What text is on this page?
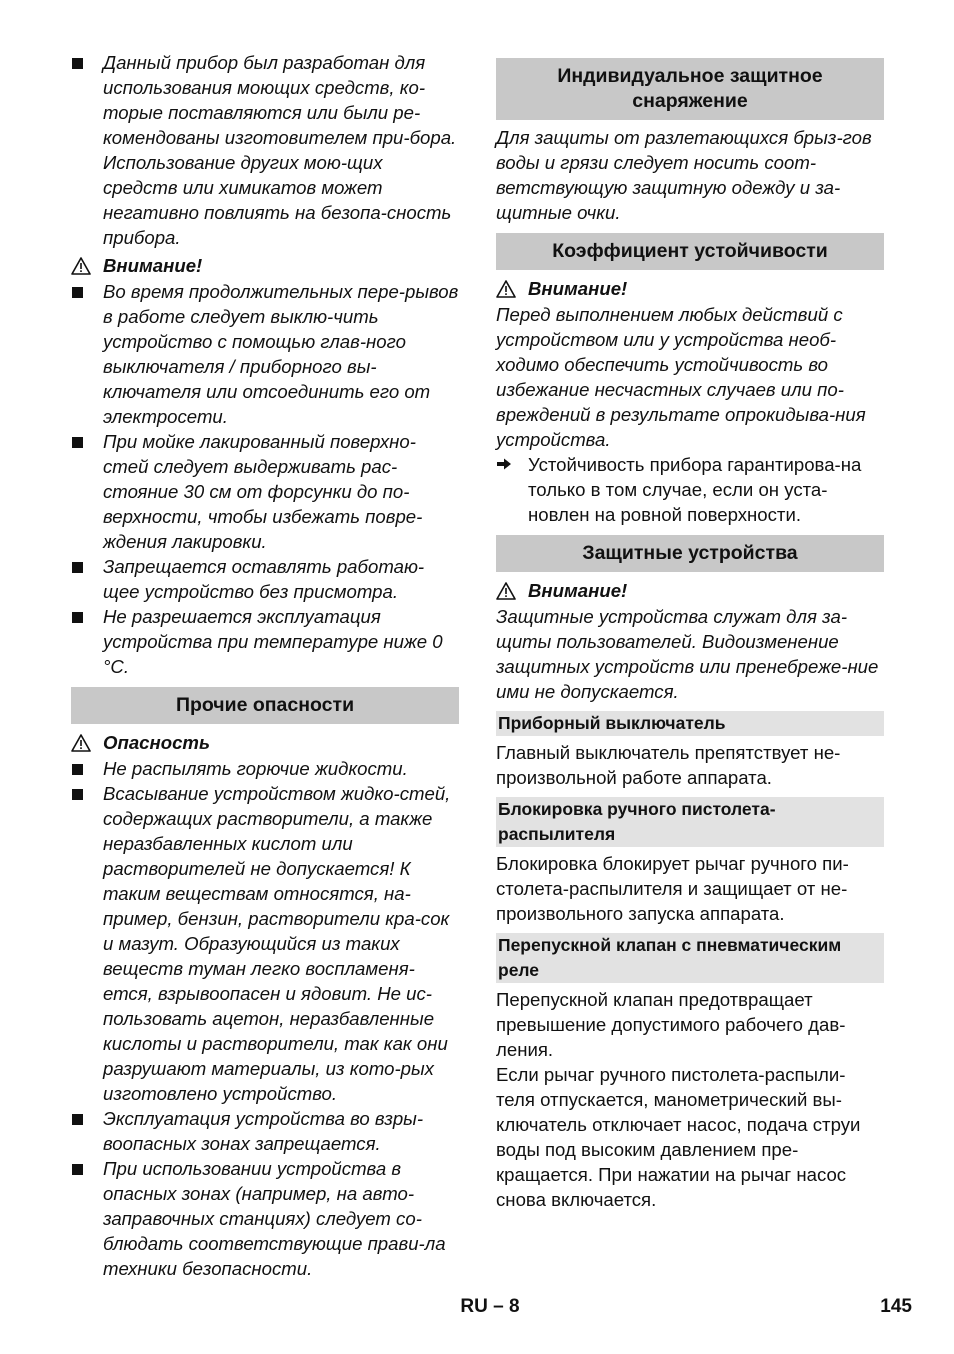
Данный прибор был разработан для использования моющих средств, ко-торые поставляются или были ре-комендованы изготовителем при-бора. Использование других мою-щих средств или химикатов может негативно повлиять на безопа-сность прибора.
Внимание!
Во время продолжительных пере-рывов в работе следует выклю-чить устройство с помощью глав-ного выключателя / приборного вы-ключателя или отсоединить его от электросети.
При мойке лакированный поверхно-стей следует выдерживать рас-стояние 30 см от форсунки до по-верхности, чтобы избежать повре-ждения лакировки.
Запрещается оставлять работаю-щее устройство без присмотра.
Не разрешается эксплуатация устройства при температуре ниже 0 °C.
Прочие опасности
Опасность
Не распылять горючие жидкости.
Всасывание устройством жидко-стей, содержащих растворители, а также неразбавленных кислот или растворителей не допускается! К таким веществам относятся, на-пример, бензин, растворители кра-сок и мазут. Образующийся из таких веществ туман легко воспламеня-ется, взрывоопасен и ядовит. Не ис-пользовать ацетон, неразбавленные кислоты и растворители, так как они разрушают материалы, из кото-рых изготовлено устройство.
Эксплуатация устройства во взры-воопасных зонах запрещается.
При использовании устройства в опасных зонах (например, на авто-заправочных станциях) следует со-блюдать соответствующие прави-ла техники безопасности.
Индивидуальное защитное снаряжение
Для защиты от разлетающихся брыз-гов воды и грязи следует носить соот-ветствующую защитную одежду и за-щитные очки.
Коэффициент устойчивости
Внимание!
Перед выполнением любых действий с устройством или у устройства необ-ходимо обеспечить устойчивость во избежание несчастных случаев или по-вреждений в результате опрокидыва-ния устройства.
Устойчивость прибора гарантирова-на только в том случае, если он уста-новлен на ровной поверхности.
Защитные устройства
Внимание!
Защитные устройства служат для за-щиты пользователей. Видоизменение защитных устройств или пренебреже-ние ими не допускается.
Приборный выключатель
Главный выключатель препятствует не-произвольной работе аппарата.
Блокировка ручного пистолета-распылителя
Блокировка блокирует рычаг ручного пи-столета-распылителя и защищает от не-произвольного запуска аппарата.
Перепускной клапан с пневматическим реле
Перепускной клапан предотвращает превышение допустимого рабочего дав-ления.
Если рычаг ручного пистолета-распыли-теля отпускается, манометрический вы-ключатель отключает насос, подача струи воды под высоким давлением пре-кращается. При нажатии на рычаг насос снова включается.
RU – 8	145
